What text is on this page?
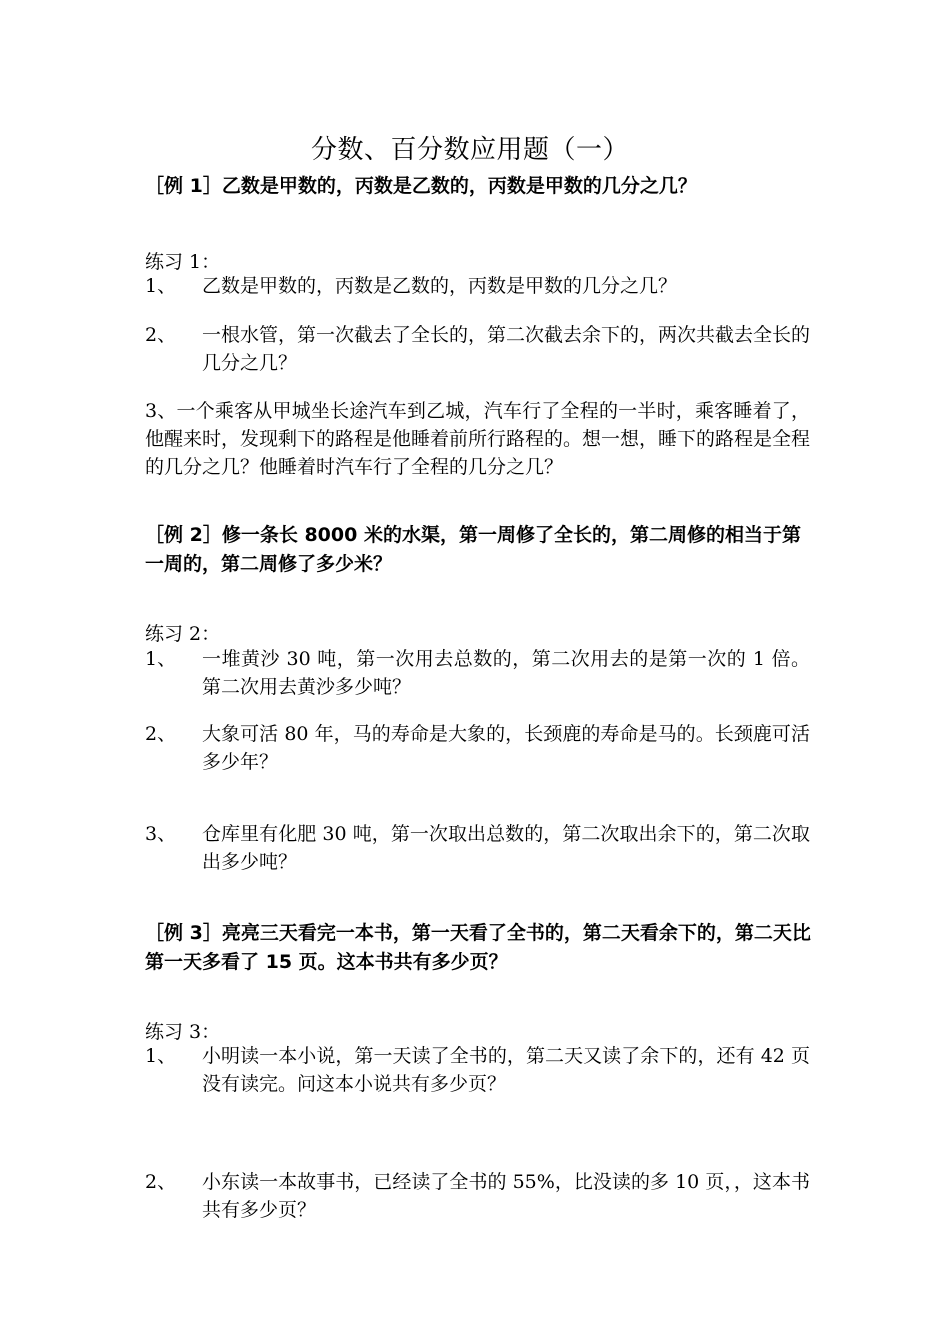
分数、百分数应用题（一）
［例 1］乙数是甲数的，丙数是乙数的，丙数是甲数的几分之几？
练习 1：
1、	乙数是甲数的，丙数是乙数的，丙数是甲数的几分之几？
2、	一根水管，第一次截去了全长的，第二次截去余下的，两次共截去全长的几分之几？
3、一个乘客从甲城坐长途汽车到乙城，汽车行了全程的一半时，乘客睡着了，他醒来时，发现剩下的路程是他睡着前所行路程的。想一想，睡下的路程是全程的几分之几？他睡着时汽车行了全程的几分之几？
［例 2］修一条长 8000 米的水渠，第一周修了全长的，第二周修的相当于第一周的，第二周修了多少米？
练习 2：
1、	一堆黄沙 30 吨，第一次用去总数的，第二次用去的是第一次的 1 倍。第二次用去黄沙多少吨？
2、	大象可活 80 年，马的寿命是大象的，长颈鹿的寿命是马的。长颈鹿可活多少年？
3、	仓库里有化肥 30 吨，第一次取出总数的，第二次取出余下的，第二次取出多少吨？
［例 3］亮亮三天看完一本书，第一天看了全书的，第二天看余下的，第二天比第一天多看了 15 页。这本书共有多少页？
练习 3：
1、	小明读一本小说，第一天读了全书的，第二天又读了余下的，还有 42 页没有读完。问这本小说共有多少页？
2、	小东读一本故事书，已经读了全书的 55%，比没读的多 10 页，，这本书共有多少页？
